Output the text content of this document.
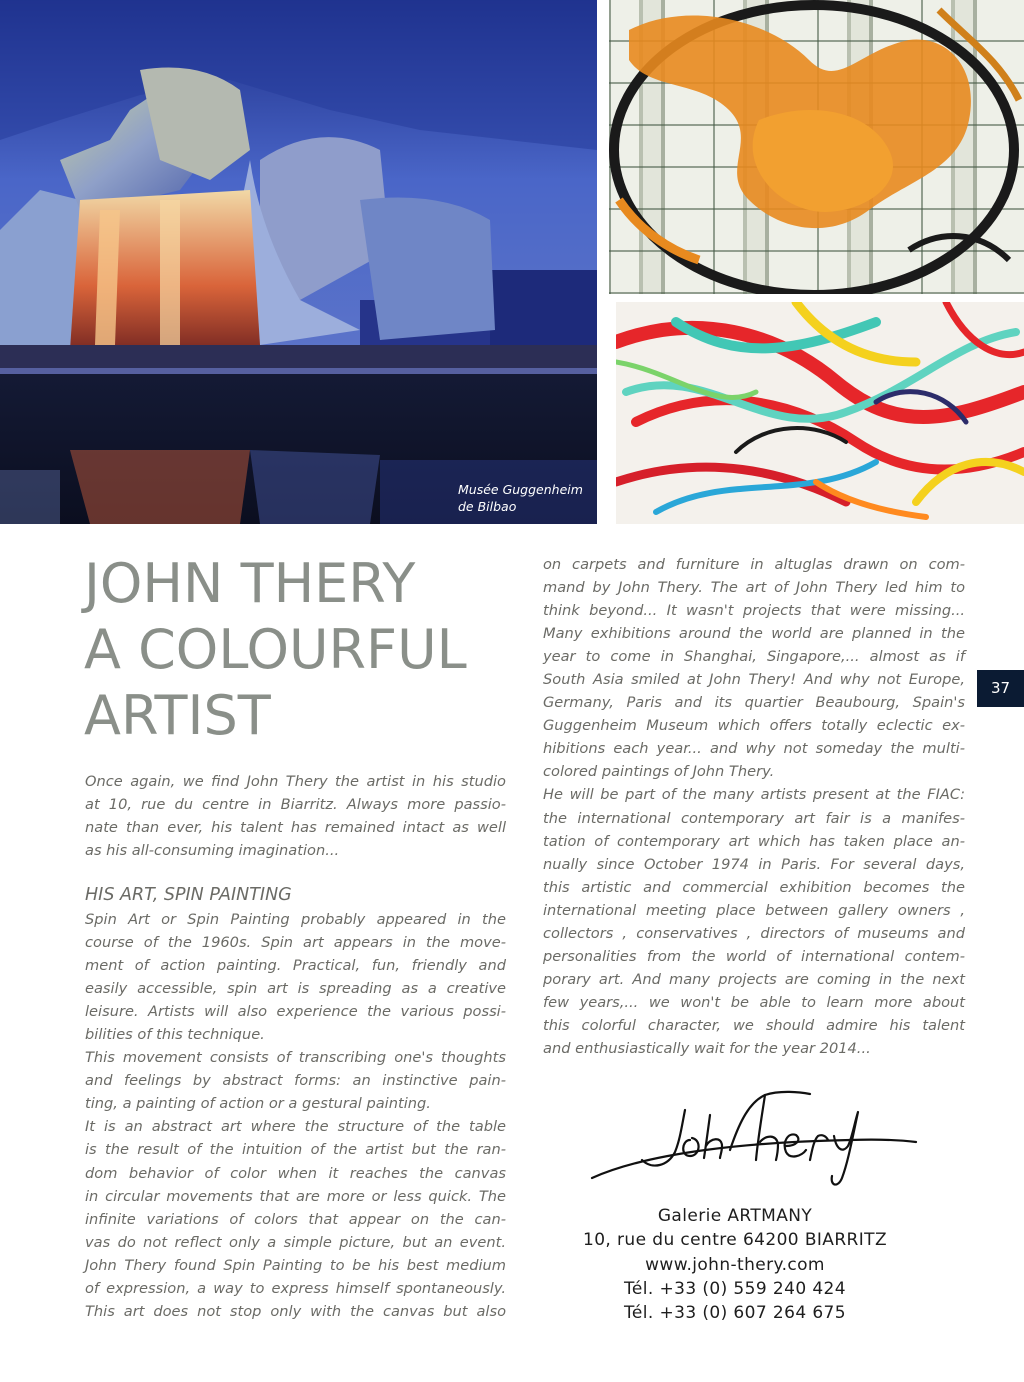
Musée Guggenheim
de Bilbao
JOHN THERY
A COLOURFUL
ARTIST

Once again, we find John Thery the artist in his studio
at 10, rue du centre in Biarritz. Always more passio-
nate than ever, his talent has remained intact as well
as his all-consuming imagination...

HIS ART, SPIN PAINTING

Spin Art or Spin Painting probably appeared in the
course of the 1960s. Spin art appears in the move-
ment of action painting. Practical, fun, friendly and
easily accessible, spin art is spreading as a creative
leisure. Artists will also experience the various possi-
bilities of this technique.
This movement consists of transcribing one's thoughts
and feelings by abstract forms: an instinctive pain-
ting, a painting of action or a gestural painting.
It is an abstract art where the structure of the table
is the result of the intuition of the artist but the ran-
dom behavior of color when it reaches the canvas
in circular movements that are more or less quick. The
infinite variations of colors that appear on the can-
vas do not reflect only a simple picture, but an event.
John Thery found Spin Painting to be his best medium
of expression, a way to express himself spontaneously.
This art does not stop only with the canvas but also

on carpets and furniture in altuglas drawn on com-
mand by John Thery. The art of John Thery led him to
think beyond... It wasn't projects that were missing...
Many exhibitions around the world are planned in the
year to come in Shanghai, Singapore,... almost as if
South Asia smiled at John Thery! And why not Europe,
Germany, Paris and its quartier Beaubourg, Spain's
Guggenheim Museum which offers totally eclectic ex-
hibitions each year... and why not someday the multi-
colored paintings of John Thery.
He will be part of the many artists present at the FIAC:
the international contemporary art fair is a manifes-
tation of contemporary art which has taken place an-
nually since October 1974 in Paris. For several days,
this artistic and commercial exhibition becomes the
international meeting place between gallery owners ,
collectors , conservatives , directors of museums and
personalities from the world of international contem-
porary art. And many projects are coming in the next
few years,... we won't be able to learn more about
this colorful character, we should admire his talent
and enthusiastically wait for the year 2014...

37
Galerie ARTMANY
10, rue du centre 64200 BIARRITZ
www.john-thery.com
Tél. +33 (0) 559 240 424
Tél. +33 (0) 607 264 675
